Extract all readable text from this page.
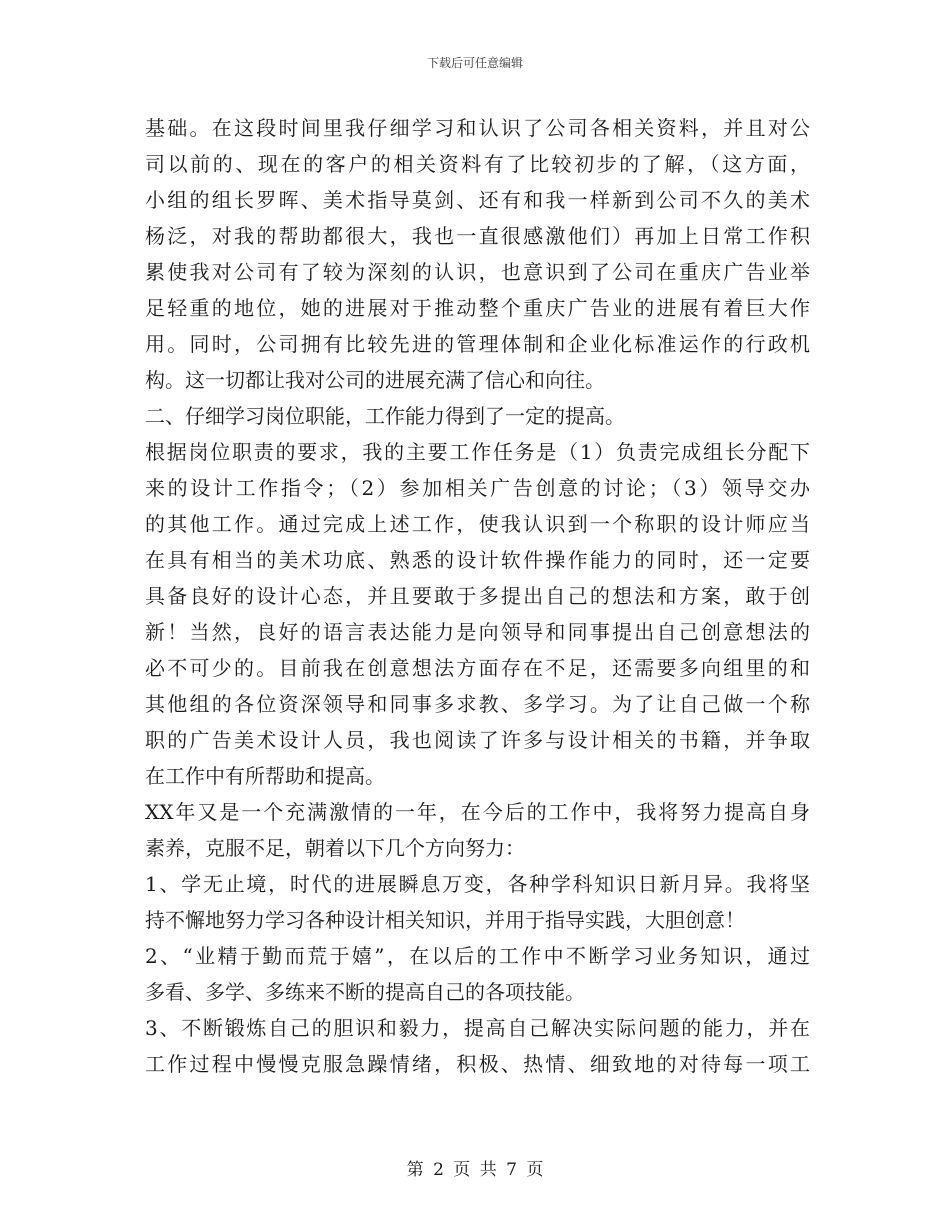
下载后可任意编辑
基础。在这段时间里我仔细学习和认识了公司各相关资料，并且对公
司以前的、现在的客户的相关资料有了比较初步的了解，（这方面，
小组的组长罗晖、美术指导莫剑、还有和我一样新到公司不久的美术
杨泛，对我的帮助都很大，我也一直很感激他们）再加上日常工作积
累使我对公司有了较为深刻的认识，也意识到了公司在重庆广告业举
足轻重的地位，她的进展对于推动整个重庆广告业的进展有着巨大作
用。同时，公司拥有比较先进的管理体制和企业化标准运作的行政机
构。这一切都让我对公司的进展充满了信心和向往。
二、仔细学习岗位职能，工作能力得到了一定的提高。
根据岗位职责的要求，我的主要工作任务是（1）负责完成组长分配下
来的设计工作指令；（2）参加相关广告创意的讨论；（3）领导交办
的其他工作。通过完成上述工作，使我认识到一个称职的设计师应当
在具有相当的美术功底、熟悉的设计软件操作能力的同时，还一定要
具备良好的设计心态，并且要敢于多提出自己的想法和方案，敢于创
新！当然，良好的语言表达能力是向领导和同事提出自己创意想法的
必不可少的。目前我在创意想法方面存在不足，还需要多向组里的和
其他组的各位资深领导和同事多求教、多学习。为了让自己做一个称
职的广告美术设计人员，我也阅读了许多与设计相关的书籍，并争取
在工作中有所帮助和提高。
XX年又是一个充满激情的一年，在今后的工作中，我将努力提高自身
素养，克服不足，朝着以下几个方向努力：
1、学无止境，时代的进展瞬息万变，各种学科知识日新月异。我将坚
持不懈地努力学习各种设计相关知识，并用于指导实践，大胆创意！
2、“业精于勤而荒于嬉”，在以后的工作中不断学习业务知识，通过
多看、多学、多练来不断的提高自己的各项技能。
3、不断锻炼自己的胆识和毅力，提高自己解决实际问题的能力，并在
工作过程中慢慢克服急躁情绪，积极、热情、细致地的对待每一项工
第 2 页 共 7 页
